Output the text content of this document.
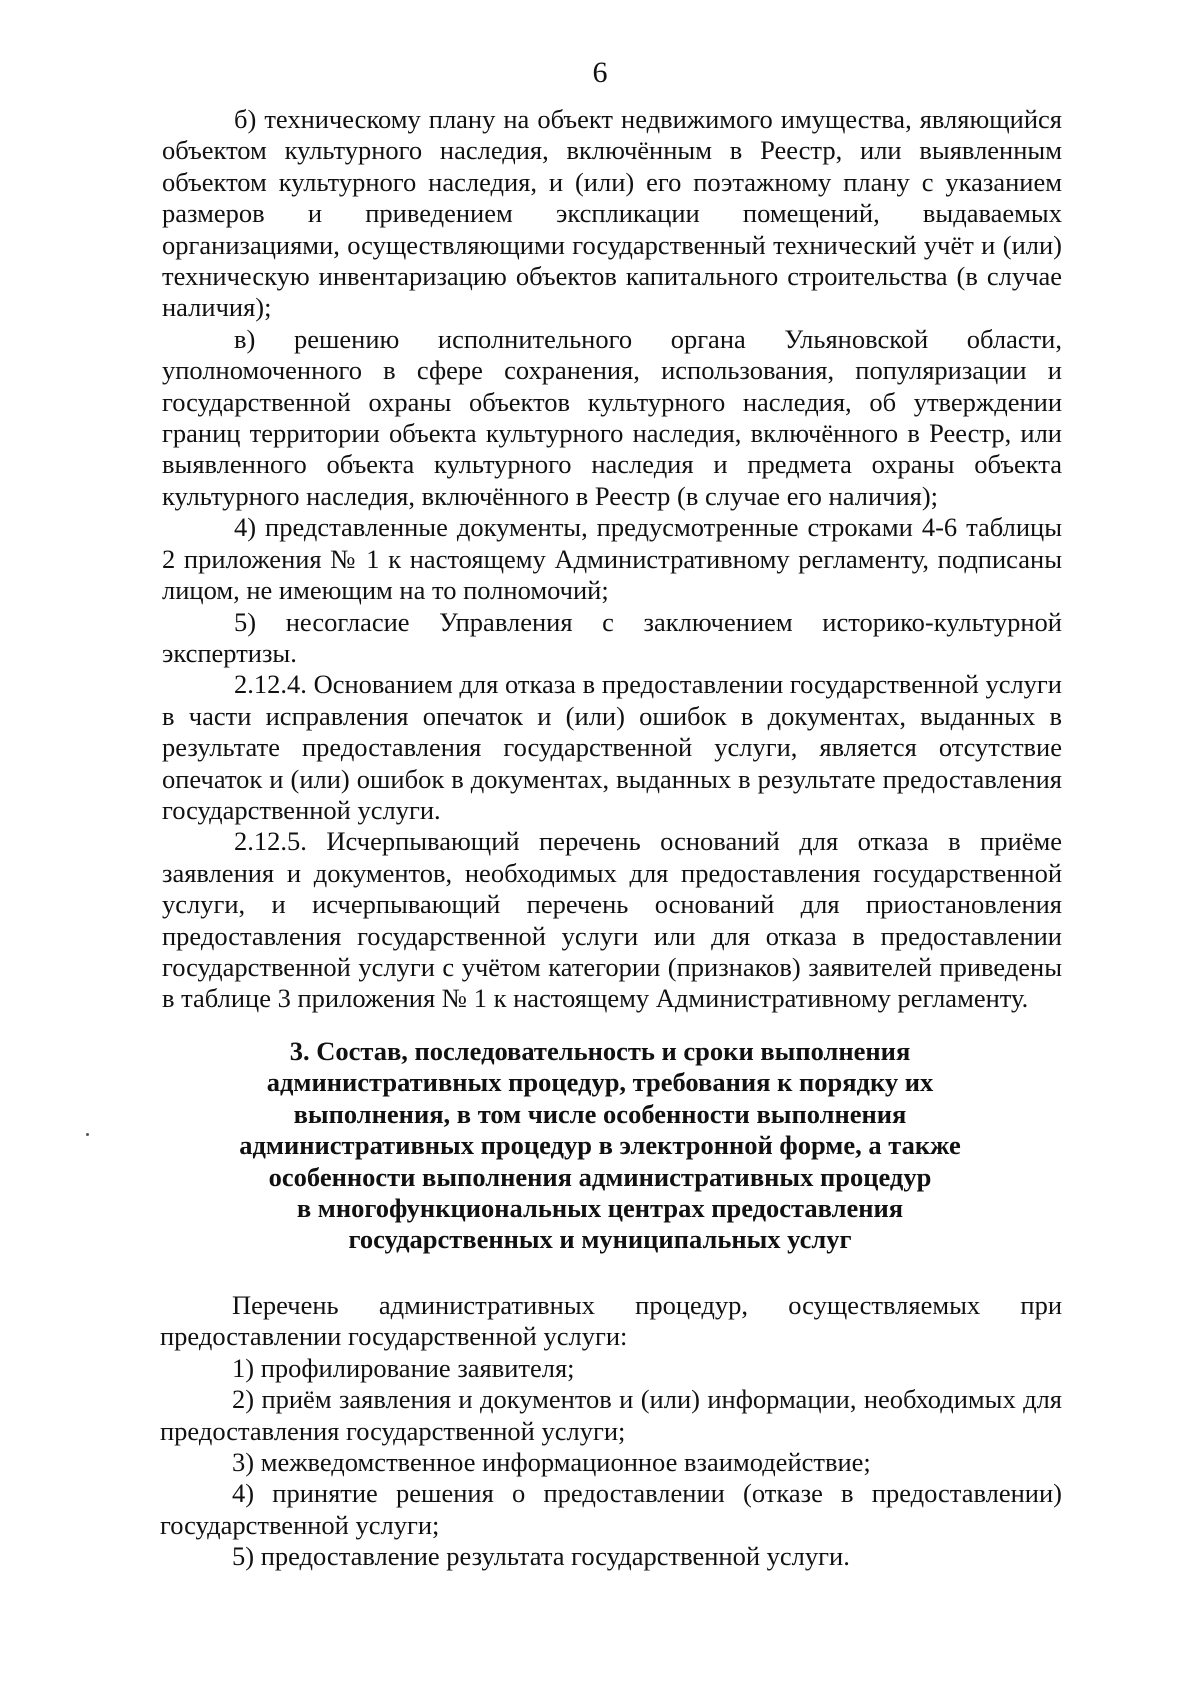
6

б) техническому плану на объект недвижимого имущества, являющийся объектом культурного наследия, включённым в Реестр, или выявленным объектом культурного наследия, и (или) его поэтажному плану с указанием размеров и приведением экспликации помещений, выдаваемых организациями, осуществляющими государственный технический учёт и (или) техническую инвентаризацию объектов капитального строительства (в случае наличия);

в) решению исполнительного органа Ульяновской области, уполномоченного в сфере сохранения, использования, популяризации и государственной охраны объектов культурного наследия, об утверждении границ территории объекта культурного наследия, включённого в Реестр, или выявленного объекта культурного наследия и предмета охраны объекта культурного наследия, включённого в Реестр (в случае его наличия);

4) представленные документы, предусмотренные строками 4-6 таблицы 2 приложения № 1 к настоящему Административному регламенту, подписаны лицом, не имеющим на то полномочий;

5) несогласие Управления с заключением историко-культурной экспертизы.

2.12.4. Основанием для отказа в предоставлении государственной услуги в части исправления опечаток и (или) ошибок в документах, выданных в результате предоставления государственной услуги, является отсутствие опечаток и (или) ошибок в документах, выданных в результате предоставления государственной услуги.

2.12.5. Исчерпывающий перечень оснований для отказа в приёме заявления и документов, необходимых для предоставления государственной услуги, и исчерпывающий перечень оснований для приостановления предоставления государственной услуги или для отказа в предоставлении государственной услуги с учётом категории (признаков) заявителей приведены в таблице 3 приложения № 1 к настоящему Административному регламенту.

3. Состав, последовательность и сроки выполнения
административных процедур, требования к порядку их
выполнения, в том числе особенности выполнения
административных процедур в электронной форме, а также
особенности выполнения административных процедур
в многофункциональных центрах предоставления
государственных и муниципальных услуг

Перечень административных процедур, осуществляемых при предоставлении государственной услуги:

1) профилирование заявителя;

2) приём заявления и документов и (или) информации, необходимых для предоставления государственной услуги;

3) межведомственное информационное взаимодействие;

4) принятие решения о предоставлении (отказе в предоставлении) государственной услуги;

5) предоставление результата государственной услуги.
